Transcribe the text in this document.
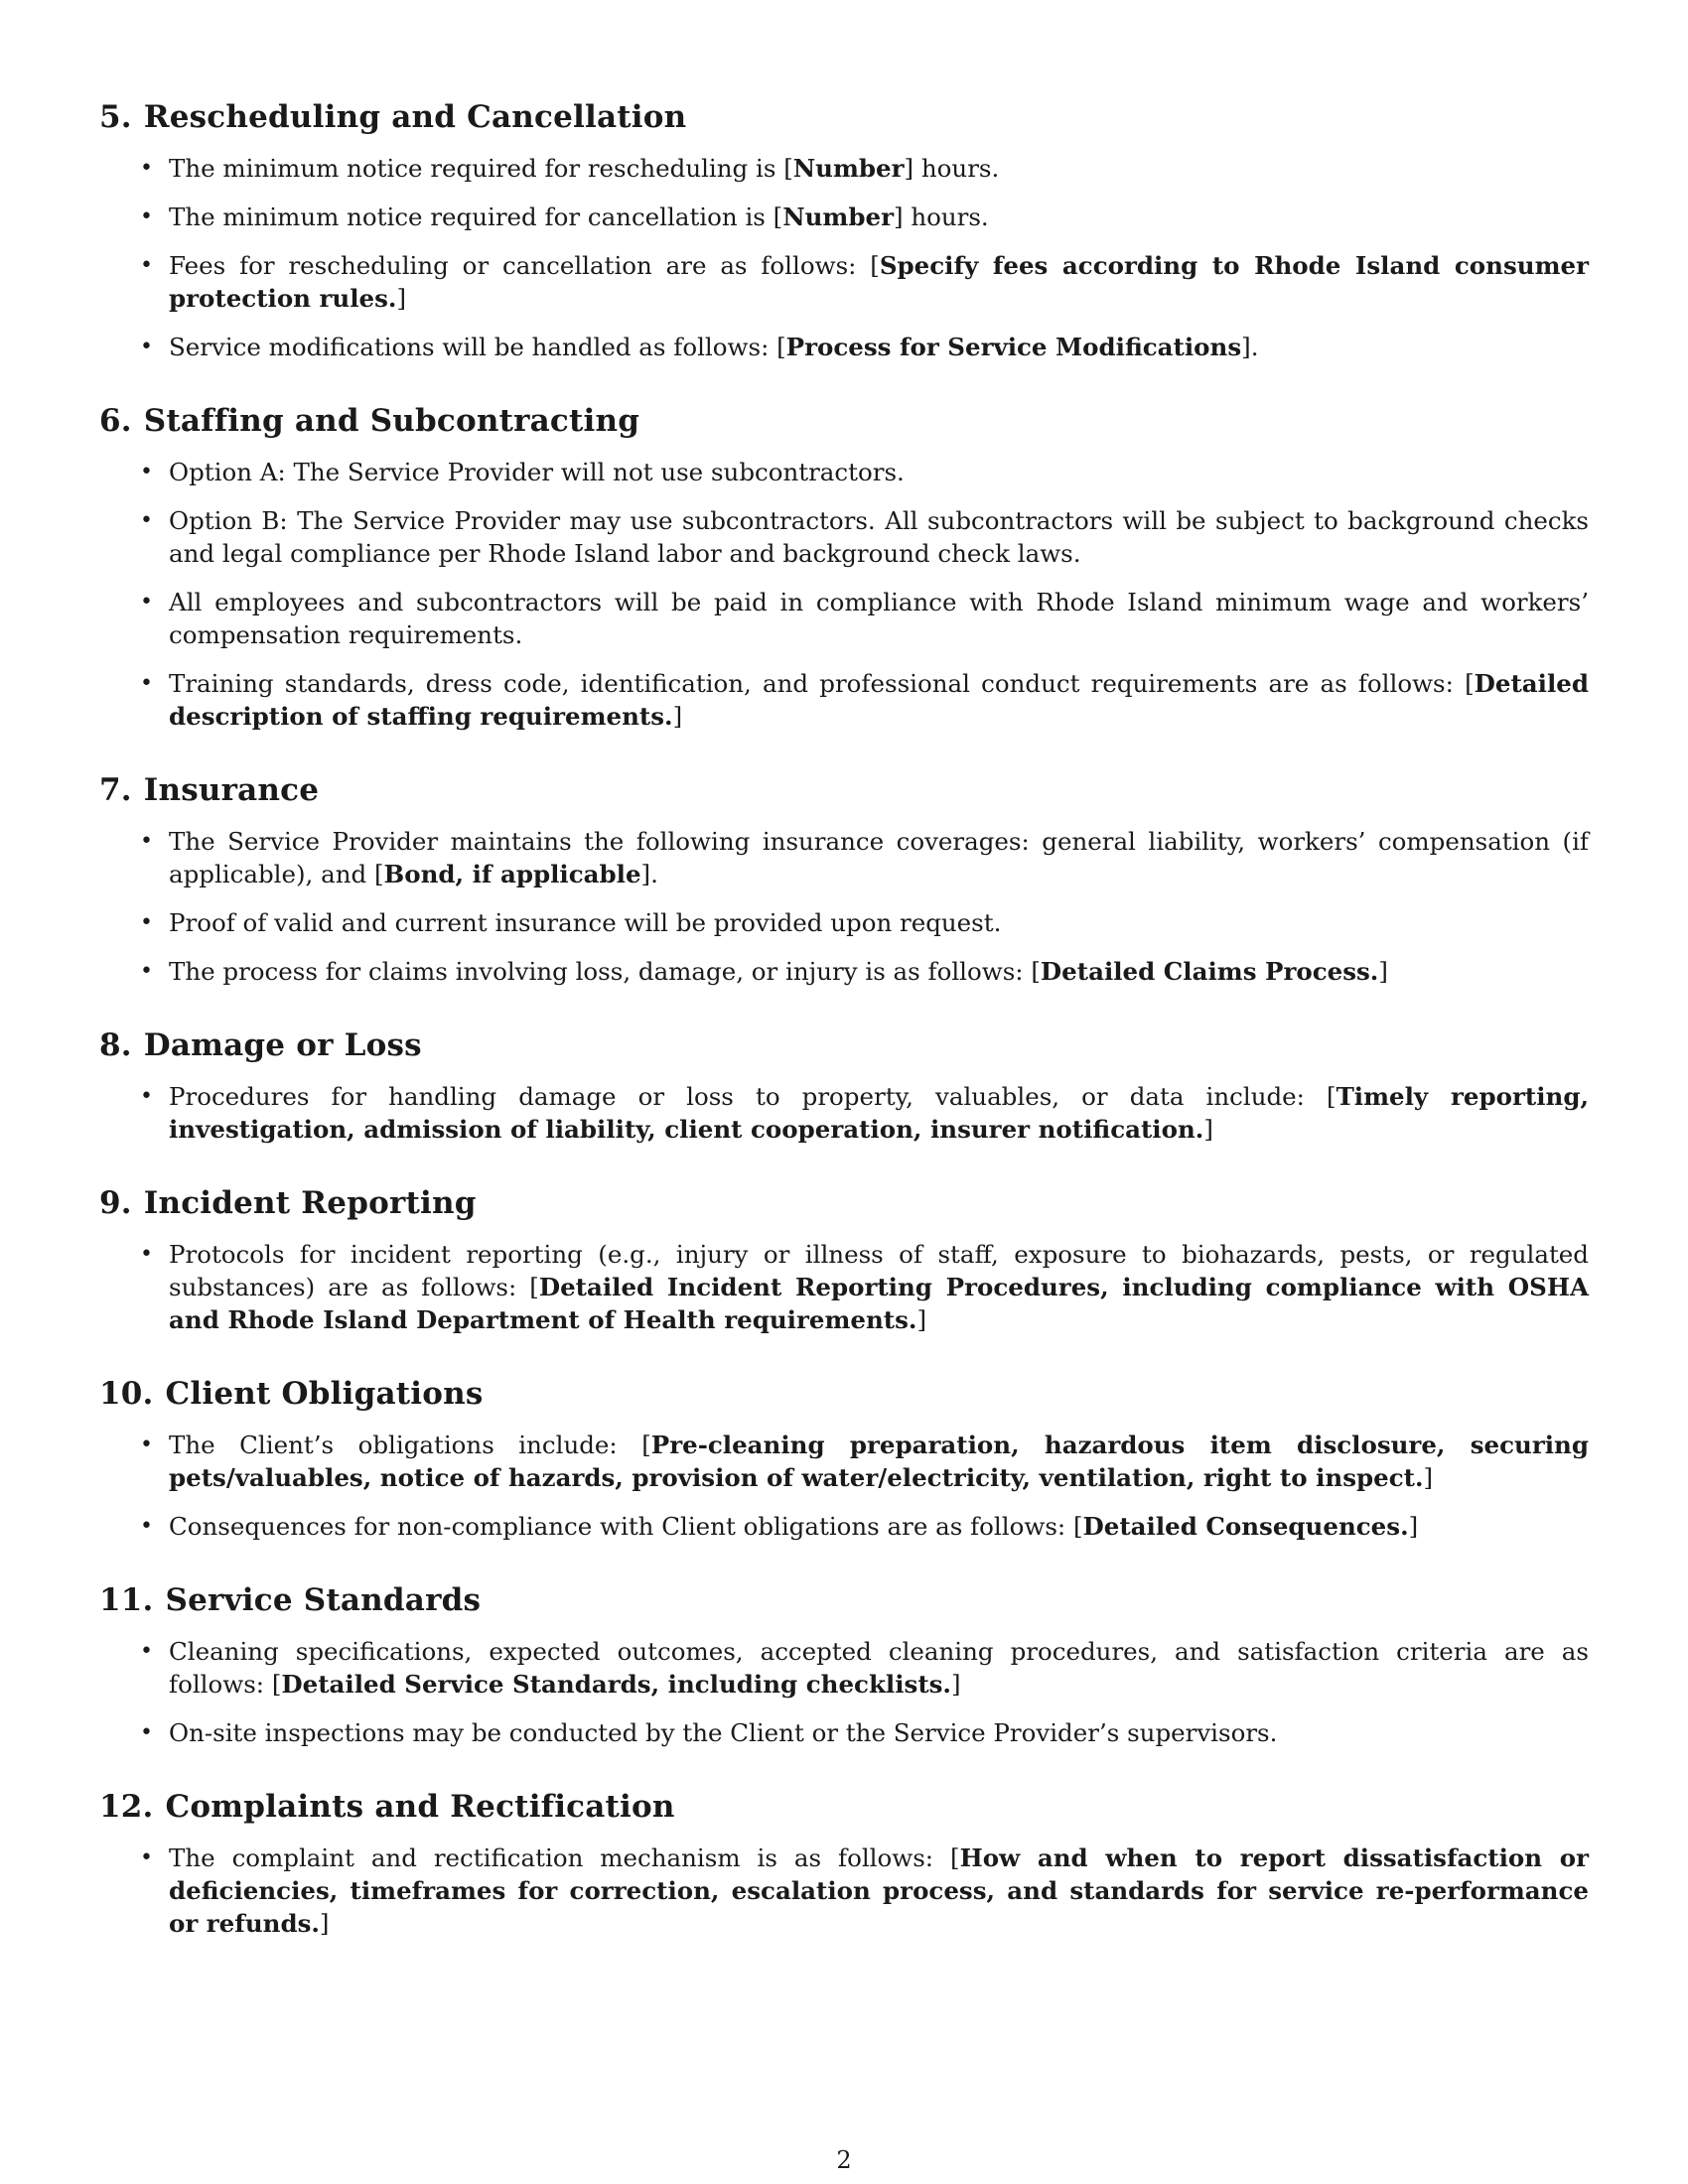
5. Rescheduling and Cancellation
• The minimum notice required for rescheduling is [Number] hours.
• The minimum notice required for cancellation is [Number] hours.
• Fees for rescheduling or cancellation are as follows: [Specify fees according to Rhode Island consumer protection rules.]
• Service modifications will be handled as follows: [Process for Service Modifications].
6. Staffing and Subcontracting
• Option A: The Service Provider will not use subcontractors.
• Option B: The Service Provider may use subcontractors. All subcontractors will be subject to background checks and legal compliance per Rhode Island labor and background check laws.
• All employees and subcontractors will be paid in compliance with Rhode Island minimum wage and workers’ compensation requirements.
• Training standards, dress code, identification, and professional conduct requirements are as follows: [Detailed description of staffing requirements.]
7. Insurance
• The Service Provider maintains the following insurance coverages: general liability, workers’ compensation (if applicable), and [Bond, if applicable].
• Proof of valid and current insurance will be provided upon request.
• The process for claims involving loss, damage, or injury is as follows: [Detailed Claims Process.]
8. Damage or Loss
• Procedures for handling damage or loss to property, valuables, or data include: [Timely reporting, investigation, admission of liability, client cooperation, insurer notification.]
9. Incident Reporting
• Protocols for incident reporting (e.g., injury or illness of staff, exposure to biohazards, pests, or regulated substances) are as follows: [Detailed Incident Reporting Procedures, including compliance with OSHA and Rhode Island Department of Health requirements.]
10. Client Obligations
• The Client’s obligations include: [Pre-cleaning preparation, hazardous item disclosure, securing pets/valuables, notice of hazards, provision of water/electricity, ventilation, right to inspect.]
• Consequences for non-compliance with Client obligations are as follows: [Detailed Consequences.]
11. Service Standards
• Cleaning specifications, expected outcomes, accepted cleaning procedures, and satisfaction criteria are as follows: [Detailed Service Standards, including checklists.]
• On-site inspections may be conducted by the Client or the Service Provider’s supervisors.
12. Complaints and Rectification
• The complaint and rectification mechanism is as follows: [How and when to report dissatisfaction or deficiencies, timeframes for correction, escalation process, and standards for service re-performance or refunds.]
2
